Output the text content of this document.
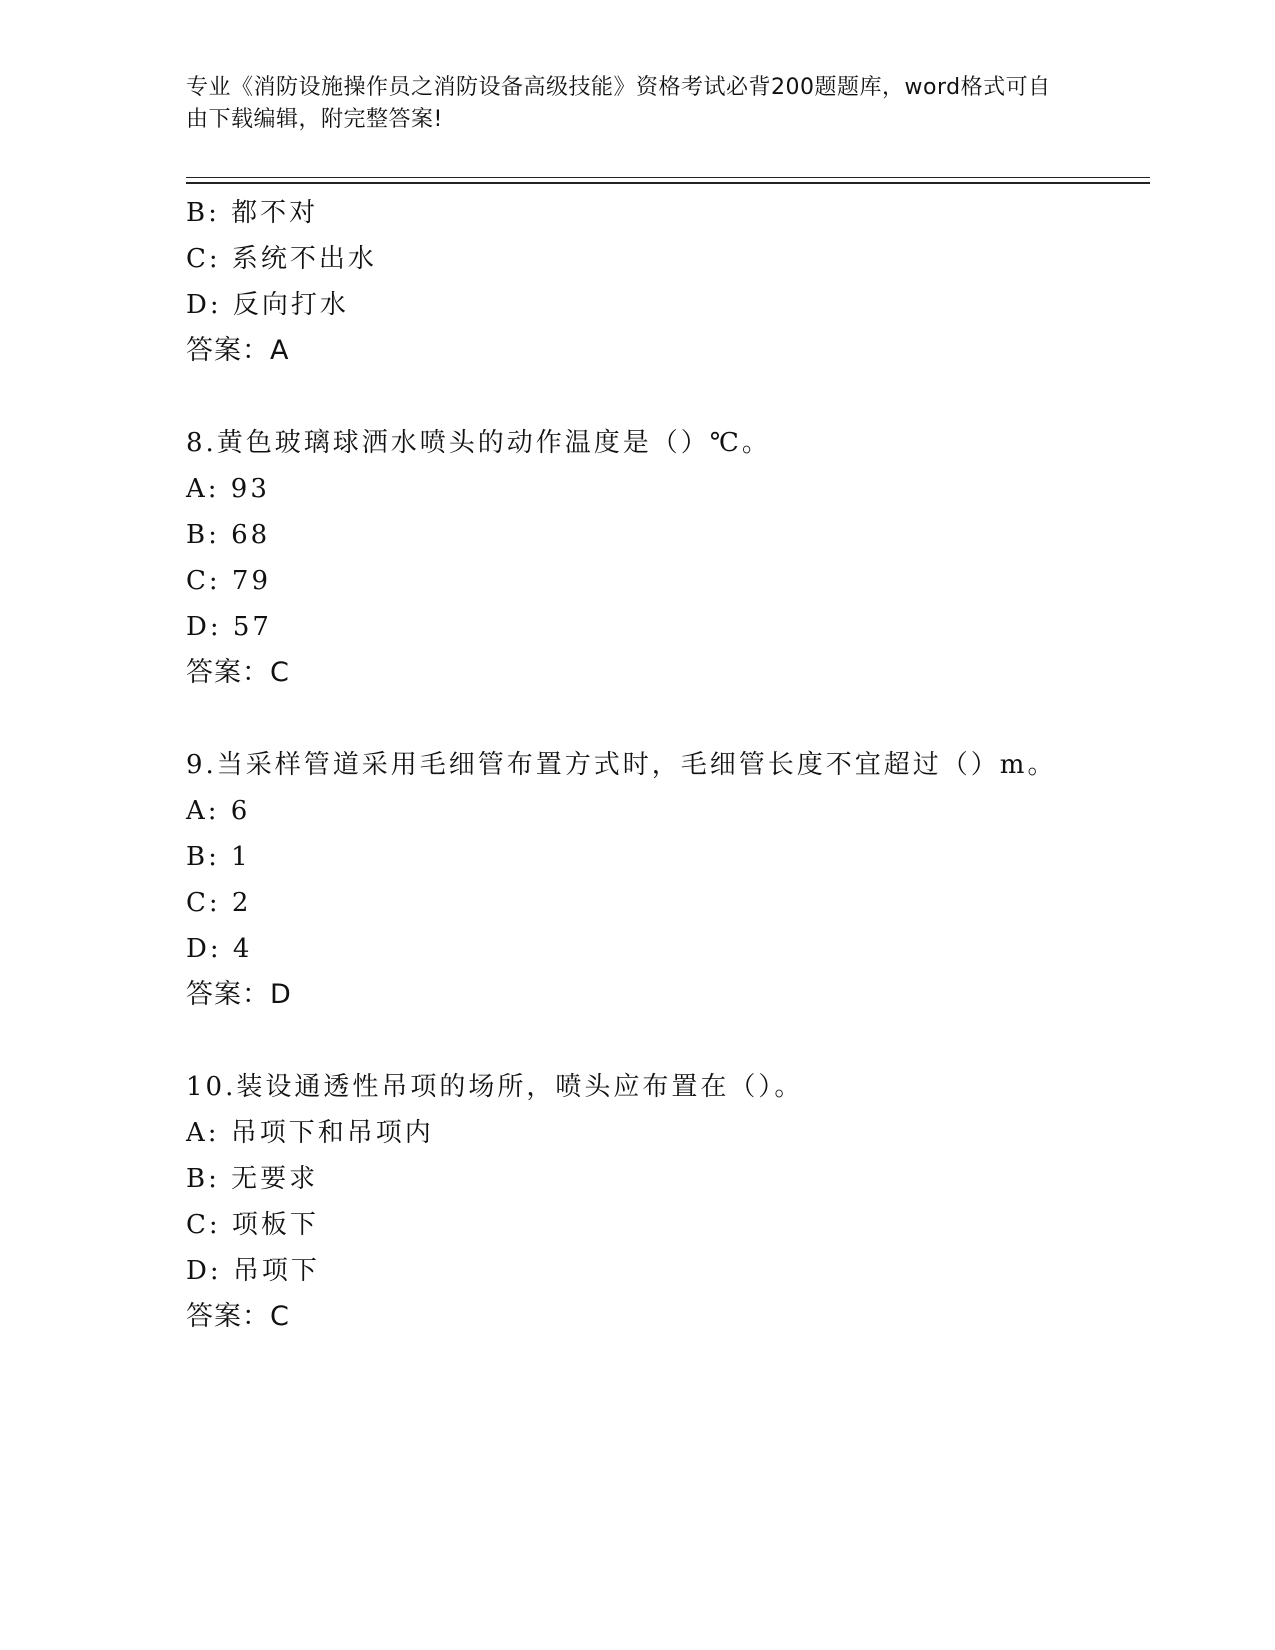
专业《消防设施操作员之消防设备高级技能》资格考试必背200题题库，word格式可自由下载编辑，附完整答案!
B: 都不对
C: 系统不出水
D: 反向打水
答案：A
8.黄色玻璃球洒水喷头的动作温度是（）℃。
A: 93
B: 68
C: 79
D: 57
答案：C
9.当采样管道采用毛细管布置方式时，毛细管长度不宜超过（）m。
A: 6
B: 1
C: 2
D: 4
答案：D
10.装设通透性吊项的场所，喷头应布置在（）。
A: 吊项下和吊项内
B: 无要求
C: 项板下
D: 吊项下
答案：C
